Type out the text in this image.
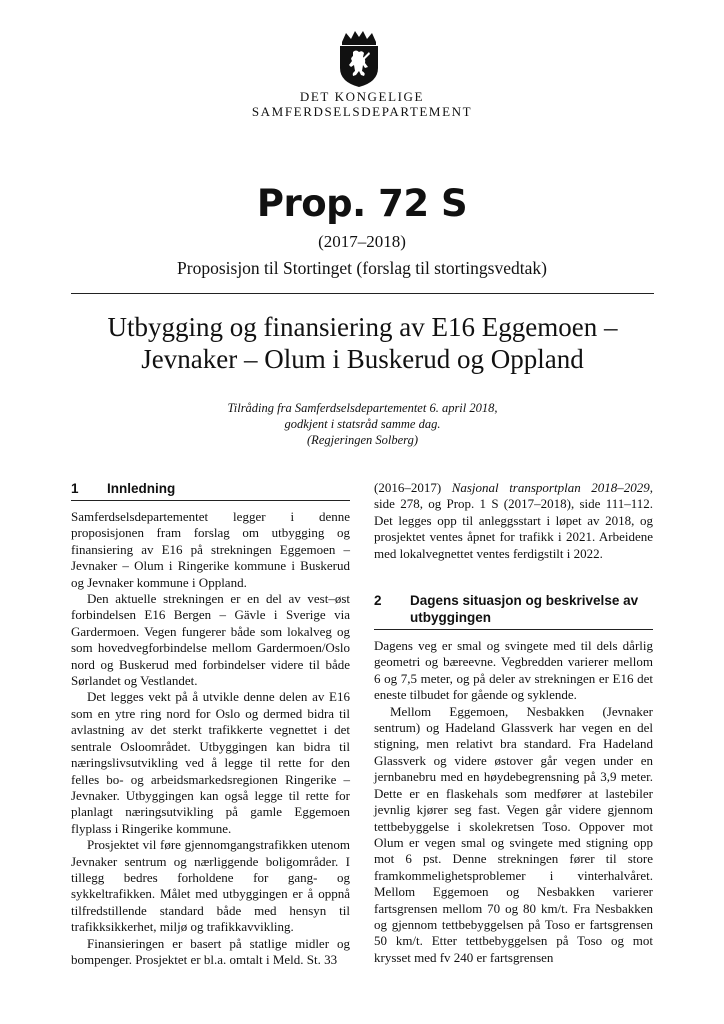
DET KONGELIGE
SAMFERDSELSDEPARTEMENT
Prop. 72 S
(2017–2018)
Proposisjon til Stortinget (forslag til stortingsvedtak)
Utbygging og finansiering av E16 Eggemoen –
Jevnaker – Olum i Buskerud og Oppland
Tilråding fra Samferdselsdepartementet 6. april 2018,
godkjent i statsråd samme dag.
(Regjeringen Solberg)
1	Innledning

Samferdselsdepartementet legger i denne proposisjonen fram forslag om utbygging og finansiering av E16 på strekningen Eggemoen – Jevnaker – Olum i Ringerike kommune i Buskerud og Jevnaker kommune i Oppland.

Den aktuelle strekningen er en del av vest–øst forbindelsen E16 Bergen – Gävle i Sverige via Gardermoen. Vegen fungerer både som lokalveg og som hovedvegforbindelse mellom Gardermoen/Oslo nord og Buskerud med forbindelser videre til både Sørlandet og Vestlandet.

Det legges vekt på å utvikle denne delen av E16 som en ytre ring nord for Oslo og dermed bidra til avlastning av det sterkt trafikkerte vegnettet i det sentrale Osloområdet. Utbyggingen kan bidra til næringslivsutvikling ved å legge til rette for den felles bo- og arbeidsmarkedsregionen Ringerike – Jevnaker. Utbyggingen kan også legge til rette for planlagt næringsutvikling på gamle Eggemoen flyplass i Ringerike kommune.

Prosjektet vil føre gjennomgangstrafikken utenom Jevnaker sentrum og nærliggende boligområder. I tillegg bedres forholdene for gang- og sykkeltrafikken. Målet med utbyggingen er å oppnå tilfredstillende standard både med hensyn til trafikksikkerhet, miljø og trafikkavvikling.

Finansieringen er basert på statlige midler og bompenger. Prosjektet er bl.a. omtalt i Meld. St. 33

(2016–2017) Nasjonal transportplan 2018–2029, side 278, og Prop. 1 S (2017–2018), side 111–112. Det legges opp til anleggsstart i løpet av 2018, og prosjektet ventes åpnet for trafikk i 2021. Arbeidene med lokalvegnettet ventes ferdigstilt i 2022.

2	Dagens situasjon og beskrivelse av utbyggingen

Dagens veg er smal og svingete med til dels dårlig geometri og bæreevne. Vegbredden varierer mellom 6 og 7,5 meter, og på deler av strekningen er E16 det eneste tilbudet for gående og syklende.

Mellom Eggemoen, Nesbakken (Jevnaker sentrum) og Hadeland Glassverk har vegen en del stigning, men relativt bra standard. Fra Hadeland Glassverk og videre østover går vegen under en jernbanebru med en høydebegrensning på 3,9 meter. Dette er en flaskehals som medfører at lastebiler jevnlig kjører seg fast. Vegen går videre gjennom tettbebyggelse i skolekretsen Toso. Oppover mot Olum er vegen smal og svingete med stigning opp mot 6 pst. Denne strekningen fører til store framkommelighetsproblemer i vinterhalvåret. Mellom Eggemoen og Nesbakken varierer fartsgrensen mellom 70 og 80 km/t. Fra Nesbakken og gjennom tettbebyggelsen på Toso er fartsgrensen 50 km/t. Etter tettbebyggelsen på Toso og mot krysset med fv 240 er fartsgrensen
